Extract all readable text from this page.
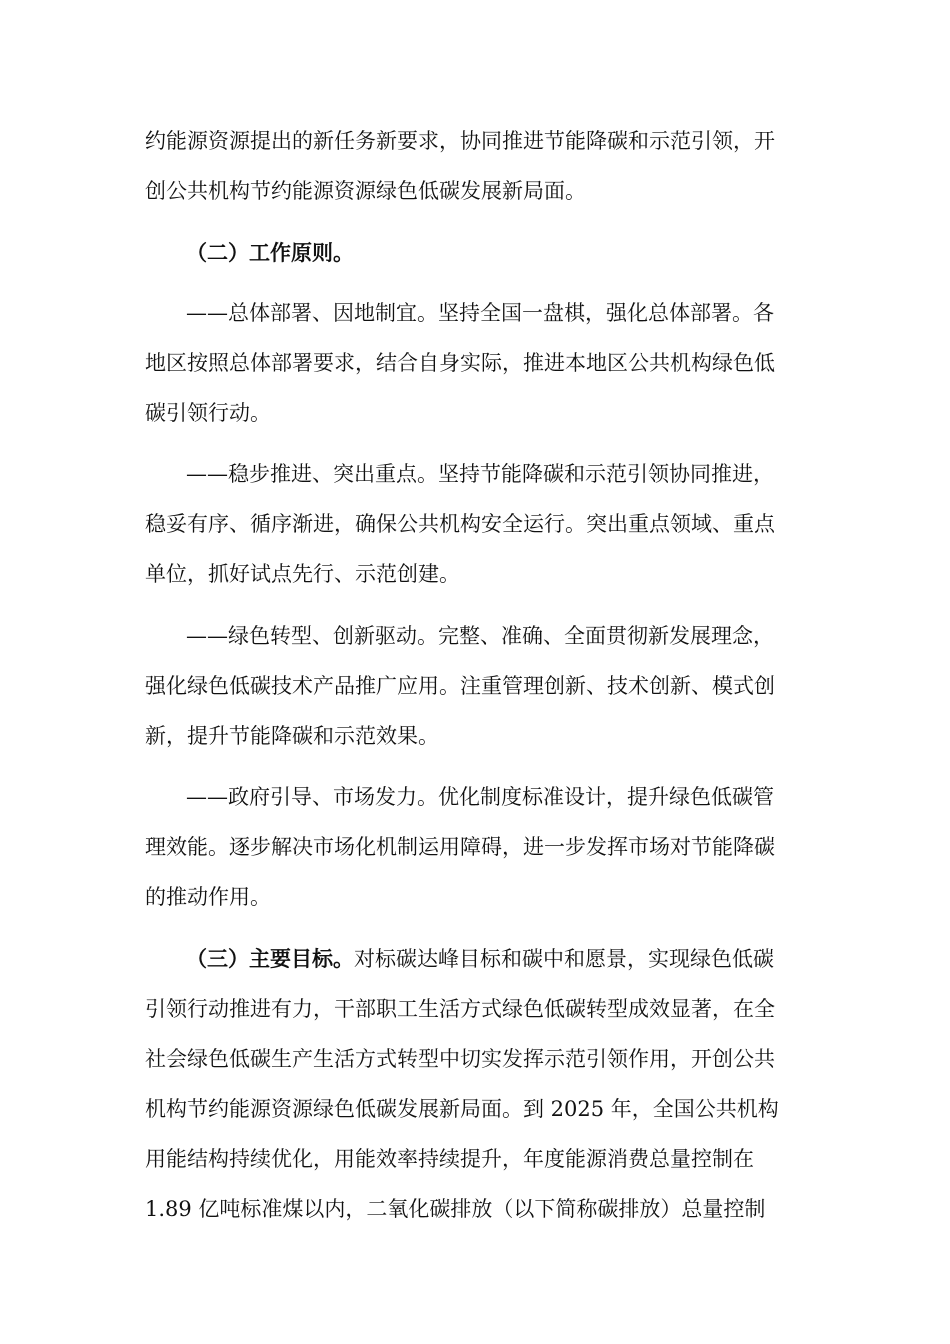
约能源资源提出的新任务新要求，协同推进节能降碳和示范引领，开
创公共机构节约能源资源绿色低碳发展新局面。
（二）工作原则。
——总体部署、因地制宜。坚持全国一盘棋，强化总体部署。各
地区按照总体部署要求，结合自身实际，推进本地区公共机构绿色低
碳引领行动。
——稳步推进、突出重点。坚持节能降碳和示范引领协同推进，
稳妥有序、循序渐进，确保公共机构安全运行。突出重点领域、重点
单位，抓好试点先行、示范创建。
——绿色转型、创新驱动。完整、准确、全面贯彻新发展理念，
强化绿色低碳技术产品推广应用。注重管理创新、技术创新、模式创
新，提升节能降碳和示范效果。
——政府引导、市场发力。优化制度标准设计，提升绿色低碳管
理效能。逐步解决市场化机制运用障碍，进一步发挥市场对节能降碳
的推动作用。
（三）主要目标。对标碳达峰目标和碳中和愿景，实现绿色低碳
引领行动推进有力，干部职工生活方式绿色低碳转型成效显著，在全
社会绿色低碳生产生活方式转型中切实发挥示范引领作用，开创公共
机构节约能源资源绿色低碳发展新局面。到 2025 年，全国公共机构
用能结构持续优化，用能效率持续提升，年度能源消费总量控制在
1.89 亿吨标准煤以内，二氧化碳排放（以下简称碳排放）总量控制
